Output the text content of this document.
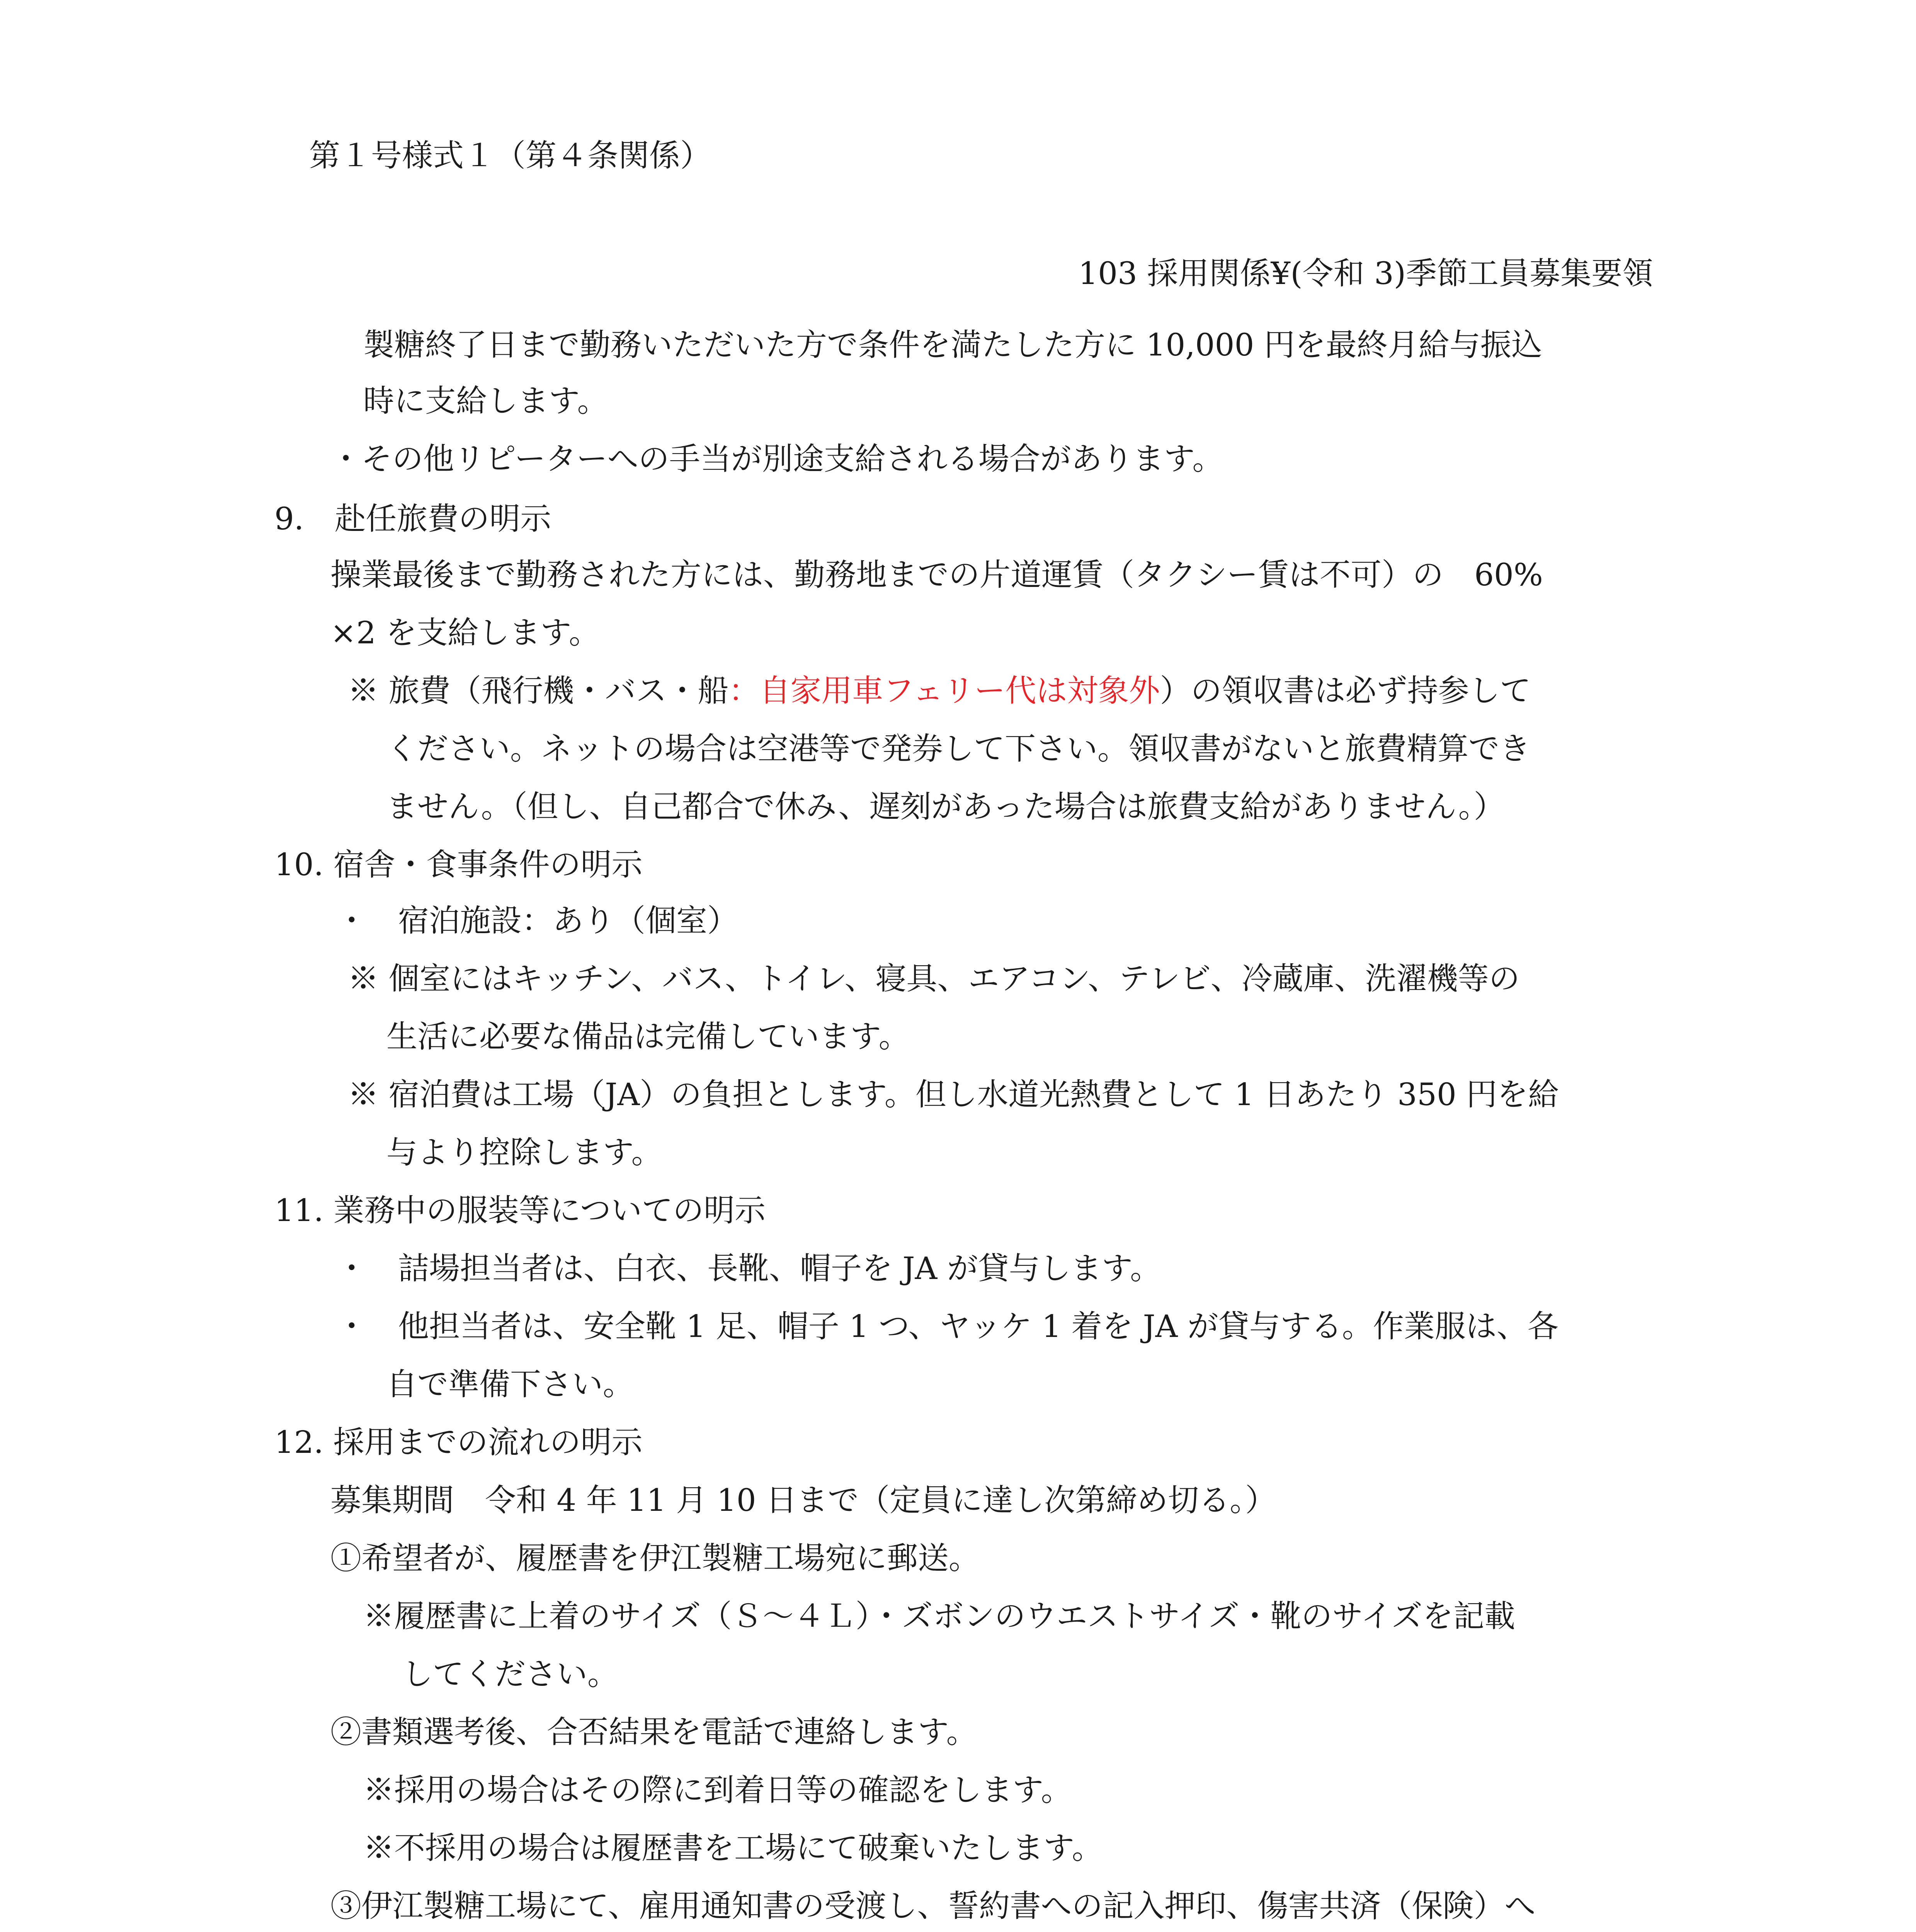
第１号様式１（第４条関係）
103 採用関係¥(令和 3)季節工員募集要領
製糖終了日まで勤務いただいた方で条件を満たした方に 10,000 円を最終月給与振込
時に支給します。
・その他リピーターへの手当が別途支給される場合があります。
9.　赴任旅費の明示
操業最後まで勤務された方には、勤務地までの片道運賃（タクシー賃は不可）の　60%
×2 を支給します。
※ 旅費（飛行機・バス・船：自家用車フェリー代は対象外）の領収書は必ず持参して
ください。ネットの場合は空港等で発券して下さい。領収書がないと旅費精算でき
ません。（但し、自己都合で休み、遅刻があった場合は旅費支給がありません。）
10. 宿舎・食事条件の明示
・　宿泊施設：あり（個室）
※ 個室にはキッチン、バス、トイレ、寝具、エアコン、テレビ、冷蔵庫、洗濯機等の
生活に必要な備品は完備しています。
※ 宿泊費は工場（JA）の負担とします。但し水道光熱費として 1 日あたり 350 円を給
与より控除します。
11. 業務中の服装等についての明示
・　詰場担当者は、白衣、長靴、帽子を JA が貸与します。
・　他担当者は、安全靴 1 足、帽子 1 つ、ヤッケ 1 着を JA が貸与する。作業服は、各
自で準備下さい。
12. 採用までの流れの明示
募集期間　令和 4 年 11 月 10 日まで（定員に達し次第締め切る。）
①希望者が、履歴書を伊江製糖工場宛に郵送。
※履歴書に上着のサイズ（Ｓ～４Ｌ）・ズボンのウエストサイズ・靴のサイズを記載
してください。
②書類選考後、合否結果を電話で連絡します。
※採用の場合はその際に到着日等の確認をします。
※不採用の場合は履歴書を工場にて破棄いたします。
③伊江製糖工場にて、雇用通知書の受渡し、誓約書への記入押印、傷害共済（保険）へ
